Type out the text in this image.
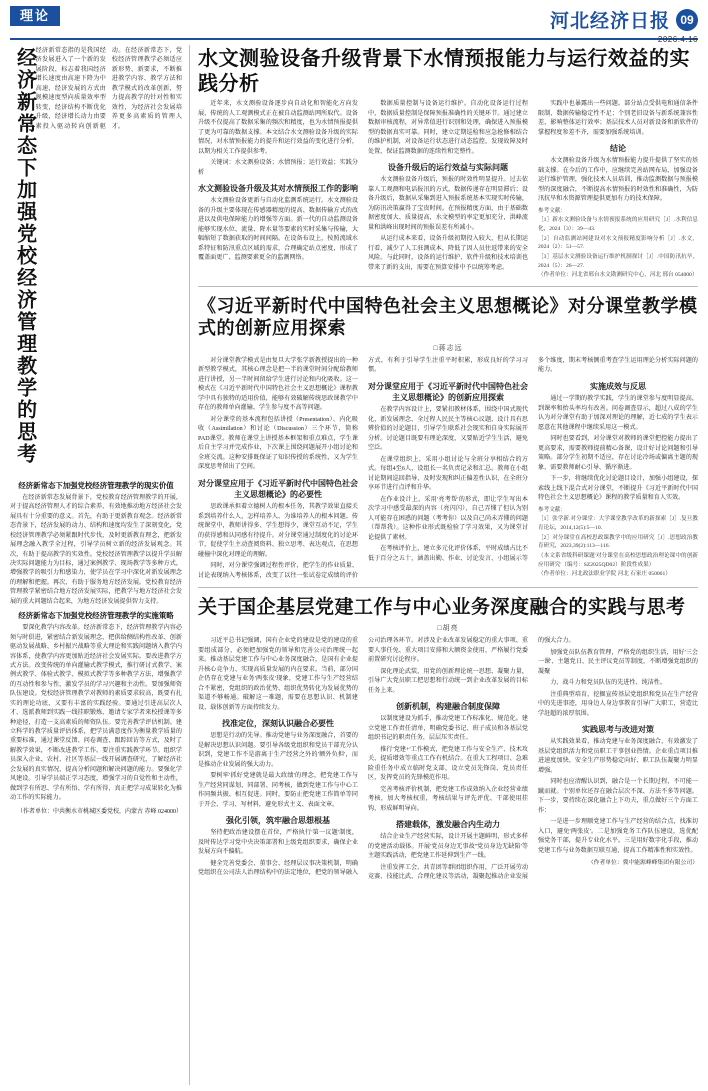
理论	河北经济日报 09
2026.4.16
经济新常态下加强党校经济管理教学的思考 经济新常态指的是我国经济发展进入了一个新的发展阶段，标志着我国经济增长速度由高速下降为中高速，经济发展的方式由规模速度型向质量效率型转变，经济结构不断优化升级，经济增长动力由要素投入驱动转向创新驱动。在经济新常态下，党校经济管理教学必须适应新形势、新要求，不断推进教学内容、教学方法和教学模式的改革创新，努力提高教学的针对性和实效性，为经济社会发展培养更多高素质的管理人才。
经济新常态下加强党校经济管理教学的现实价值

在经济新常态发展背景下，党校教育经济管理教学的开展，对于提高经济管理人才的综合素养、有效地推动地方经济社会发展具有十分重要的意义。首先，有助于更新教育观念。经济新常态背景下，经济发展的动力、结构和速度均发生了深刻变化，党校经济管理教学必须紧跟时代步伐，及时更新教育理念，把新发展理念融入教学全过程，引导学员树立新的经济发展观念。其次，有助于提高教学的实效性。党校经济管理教学以提升学员解决实际问题能力为目标，通过案例教学、现场教学等多种方式，增强教学的吸引力和感染力，使学员在学习中深化对新发展理念的理解和把握。再次，有助于服务地方经济发展。党校教育经济管理教学紧密结合地方经济发展实际，把教学与地方经济社会发展的重大问题结合起来，为地方经济发展提供智力支持。

经济新常态下加强党校经济管理教学的实施策略

要深化教学内容改革。经济新常态下，经济管理教学内容必须与时俱进，紧密结合新发展理念，把供给侧结构性改革、创新驱动发展战略、乡村振兴战略等重大理论和实践问题纳入教学内容体系，使教学内容更加贴近经济社会发展实际。要改进教学方式方法。改变传统的单向灌输式教学模式，推行研讨式教学、案例式教学、体验式教学、模拟式教学等多种教学方法，增强教学的互动性和参与性，激发学员的学习兴趣和主动性。要加强师资队伍建设。党校经济管理教学对教师的素质要求较高，既要有扎实的理论功底，又要有丰富的实践经验。要通过引进高层次人才、选派教师到实践一线挂职锻炼、邀请专家学者来校授课等多种途径，打造一支高素质的师资队伍。要完善教学评估机制。建立科学的教学质量评估体系，把学员满意度作为衡量教学质量的重要标准，通过课堂反馈、问卷调查、跟踪回访等方式，及时了解教学效果，不断改进教学工作。要注重实践教学环节。组织学员深入企业、农村、社区等基层一线开展调查研究，了解经济社会发展的真实情况，提高分析问题和解决问题的能力。要强化学风建设。引导学员端正学习态度，增强学习的自觉性和主动性，做到学有所思、学有所悟、学有所得，真正把学习成果转化为推动工作的实际能力。

（作者单位：中共衡水市桃城区委党校，内蒙古 赤峰 024000）
水文测验设备升级背景下水情预报能力与运行效益的实践分析

近年来，水文测验设备逐步向自动化和智能化方向发展，传统的人工观测模式正在被自动监测站网所取代。设备升级不仅提高了数据采集的频次和精度，也为水情预报提供了更为可靠的数据支撑。本文结合水文测验设备升级的实际情况，对水情预报能力的提升和运行效益的变化进行分析，以期为相关工作提供参考。

关键词：水文测验设备；水情预报；运行效益；实践分析

水文测验设备升级及其对水情预报工作的影响

水文测验设备更新与自动化监测系统运行。水文测验设备的升级主要体现在传感器精度的提高、数据传输方式的改进以及供电保障能力的增强等方面。新一代的自动监测设备能够实现水位、流量、降水量等要素的实时采集与传输，大幅缩短了数据获取的时间间隔。在设备布设上，按照流域水系特征和防汛重点区域的需求，合理确定站点密度，形成了覆盖面更广、监测要素更全的监测网络。

数据质量控制与设备运行维护。自动化设备运行过程中，数据质量控制是保障预报准确性的关键环节。通过建立数据审核流程，对异常值进行识别和处理，确保进入预报模型的数据真实可靠。同时，建立定期巡检和应急抢修相结合的维护机制，对设备运行状态进行动态监控，发现故障及时处置，保证监测数据的连续性和完整性。

设备升级后的运行效益与实际问题

水文测验设备升级后，预报的时效性明显提升。过去依靠人工观测和电话报汛的方式，数据传递存在明显滞后；设备升级后，数据从采集到进入预报系统基本实现实时传输，为防汛决策赢得了宝贵时间。在预报精度方面，由于基础数据密度加大、质量提高，水文模型的率定更加充分，洪峰流量和洪峰出现时间的预报误差有所减小。

从运行成本来看，设备升级初期投入较大，但从长期运行看，减少了人工驻测成本，降低了因人员往返带来的安全风险。与此同时，设备的运行维护、软件升级和技术培训也带来了新的支出，需要在预算安排中予以统筹考虑。

实践中也暴露出一些问题。部分站点受供电和通信条件限制，数据传输稳定性不足；个别老旧设备与新系统兼容性差，影响整体运行效率；基层技术人员对新设备和新软件的掌握程度参差不齐，需要加强系统培训。

结论

水文测验设备升级为水情预报能力提升提供了坚实的基础支撑。在今后的工作中，应继续完善站网布局，加强设备运行维护管理，强化技术人员培训，推动监测数据与预报模型的深度融合，不断提高水情预报的时效性和准确性，为防汛抗旱和水资源管理提供更加有力的技术保障。

参考文献：

［1］新水文测验设备与水情预报系统的应用研究［J］.水利信息化，2024（3）：39—43.

［2］自动监测站网建设对水文预报精度影响分析［J］.水文，2024（2）：51—57.

［3］基层水文测验设备运行维护机制探讨［J］.中国防汛抗旱，2024（5）：26—27.

（作者单位：河北省邢台水文勘测研究中心，河北 邢台 054000）

《习近平新时代中国特色社会主义思想概论》对分课堂教学模式的创新应用探索
□蒋志远

对分课堂教学模式是由复旦大学张学新教授提出的一种新型教学模式，其核心理念是把一半的课堂时间分配给教师进行讲授，另一半时间留给学生进行讨论和内化吸收。这一模式在《习近平新时代中国特色社会主义思想概论》课程教学中具有独特的适用价值，能够有效破解传统思政课教学中存在的教师单向灌输、学生参与度不高等问题。

对分课堂的基本流程包括讲授（Presentation）、内化吸收（Assimilation）和讨论（Discussion）三个环节，简称PAD课堂。教师在课堂上讲授基本框架和重点难点，学生课后自主学习并完成作业，下次课上围绕问题展开小组讨论和全班交流。这种安排既保证了知识传授的系统性，又为学生深度思考留出了空间。

对分课堂应用于《习近平新时代中国特色社会主义思想概论》的必要性

思政课承担着立德树人的根本任务，其教学效果直接关系到培养什么人、怎样培养人、为谁培养人的根本问题。传统课堂中，教师讲得多、学生想得少，课堂互动不足，学生的获得感和认同感有待提升。对分课堂通过制度化的讨论环节，促使学生主动查阅资料、独立思考、表达观点，在思想碰撞中深化对理论的理解。

同时，对分课堂强调过程性评价，把学生的作业质量、讨论表现纳入考核体系，改变了以往一张试卷定成绩的评价方式，有利于引导学生注重平时积累，形成良好的学习习惯。

对分课堂应用于《习近平新时代中国特色社会主义思想概论》的创新应用探索

在教学内容设计上，要紧扣教材体系，围绕中国式现代化、新发展理念、全过程人民民主等核心议题，设计具有思辨价值的讨论题目，引导学生联系社会现实和自身实际展开分析。讨论题目既要有理论深度，又要贴近学生生活，避免空泛。

在课堂组织上，采用小组讨论与全班分享相结合的方式。每组4至6人，设组长一名负责记录和汇总。教师在小组讨论期间巡回指导，及时发现和纠正偏差性认识，在全班分享环节进行点评和升华。

在作业设计上，采用'亮考帮'的形式，即让学生写出本次学习中感受最深的内容（亮闪闪）、自己弄懂了但认为别人可能存在困惑的问题（考考你）以及自己尚未弄懂的问题（帮帮我）。这种作业形式既检验了学习效果，又为课堂讨论提供了素材。

在考核评价上，建立多元化评价体系，平时成绩占比不低于百分之五十，涵盖出勤、作业、讨论发言、小组展示等多个维度，期末考核侧重考查学生运用理论分析实际问题的能力。

实施成效与反思

通过一学期的教学实践，学生的课堂参与度明显提高，到课率和抬头率均有改善。问卷调查显示，超过八成的学生认为对分课堂有助于加深对理论的理解，近七成的学生表示愿意在其他课程中继续采用这一模式。

同时也要看到，对分课堂对教师的课堂把控能力提出了更高要求，需要教师提前精心备课，设计好讨论问题和引导策略。部分学生初期不适应，存在讨论冷场或偏离主题的现象，需要教师耐心引导、循序渐进。

下一步，将继续优化讨论题目设计，加强小组建设，探索线上线下混合式对分课堂，不断提升《习近平新时代中国特色社会主义思想概论》课程的教学质量和育人实效。

参考文献：

［1］张学新.对分课堂：大学课堂教学改革的新探索［J］.复旦教育论坛，2014,12(5):5—10.

［2］对分课堂在高校思政课教学中的应用研究［J］.思想政治教育研究，2023,39(2):113—116.

（本文系省级科研课题'对分课堂在高校思想政治理论课中的创新应用研究'（编号：SZ2025QD02）阶段性成果）

（作者单位：河北政法职业学院 河北 石家庄 050061）

关于国企基层党建工作与中心业务深度融合的实践与思考
□胡亮

习近平总书记强调，国有企业党的建设是党的建设的重要组成部分，必须把加强党的领导和完善公司治理统一起来。推动基层党建工作与中心业务深度融合，是国有企业提升核心竞争力、实现高质量发展的内在要求。当前，部分国企仍存在党建与业务'两张皮'现象，党建工作与生产经营结合不紧密，党组织的政治优势、组织优势转化为发展优势的渠道不够畅通。破解这一难题，需要在思想认识、机制建设、载体创新等方面持续发力。

找准定位，深刻认识融合必要性

思想是行动的先导。推动党建与业务深度融合，首要的是解决思想认识问题。要引导各级党组织和党员干部充分认识到，党建工作不是游离于生产经营之外的'额外负担'，而是推动企业发展的强大动力。

要树牢'抓好党建就是最大政绩'的理念，把党建工作与生产经营同谋划、同部署、同考核，做到党建工作与中心工作同频共振、相互促进。同时，要防止把党建工作简单等同于开会、学习、写材料，避免形式主义、表面文章。

强化引领，筑牢融合思想根基

坚持把政治建设摆在首位，严格执行'第一议题'制度，及时传达学习党中央决策部署和上级党组织要求，确保企业发展方向不偏航。

健全完善党委会、董事会、经理层议事决策机制，明确党组织在公司法人治理结构中的法定地位，把党的领导融入公司治理各环节。对涉及企业改革发展稳定的重大事项、重要人事任免、重大项目安排和大额资金使用，严格履行党委前置研究讨论程序。

深化理论武装，用党的创新理论统一思想、凝聚力量，引导广大党员职工把思想和行动统一到企业改革发展的目标任务上来。

创新机制，构建融合制度保障

以制度建设为抓手，推动党建工作标准化、规范化。建立党建工作责任清单，明确党委书记、班子成员和各基层党组织书记的职责任务，层层压实责任。

推行'党建+'工作模式，把党建工作与安全生产、技术攻关、提质增效等重点工作有机结合。在重大工程项目、急难险重任务中成立临时党支部，设立党员先锋岗、党员责任区，发挥党员的先锋模范作用。

完善考核评价机制，把党建工作成效纳入企业经营业绩考核，加大考核权重，考核结果与评先评优、干部使用挂钩，形成鲜明导向。

搭建载体，激发融合内生动力

结合企业生产经营实际，设计开展主题鲜明、形式多样的党建活动载体。开展'党员身边无事故''党员身边无缺陷'等主题实践活动，把党建工作延伸到生产一线。

注重发挥工会、共青团等群团组织作用，广泛开展劳动竞赛、技能比武、合理化建议等活动，凝聚起推动企业发展的强大合力。

加强党员队伍教育管理，严格党的组织生活，用好'三会一课'、主题党日、民主评议党员等制度，不断增强党组织的凝聚

力、战斗力和党员队伍的先进性、纯洁性。

注重典型培育，挖掘宣传基层党组织和党员在生产经营中的先进事迹，用身边人身边事教育引导广大职工，营造比学赶超的浓厚氛围。

实践思考与改进对策

从实践效果看，推动党建与业务深度融合，有效激发了基层党组织活力和党员职工干事创业热情。企业重点项目推进速度加快、安全生产形势稳定向好、职工队伍凝聚力明显增强。

同时也应清醒认识到，融合是一个长期过程，不可能一蹴而就。个别单位还存在融合层次不深、方法不多等问题。下一步，要持续在深化融合上下功夫，重点做好三个方面工作：

一是进一步理顺党建工作与生产经营的结合点，找准切入口，避免'两张皮'。二是加强党务工作队伍建设，选优配强党务干部，提升专业化水平。三是用好数字化手段，推动党建工作与业务数据互联互通，提高工作精准性和实效性。

（作者单位：冀中能源峰峰集团有限公司）
